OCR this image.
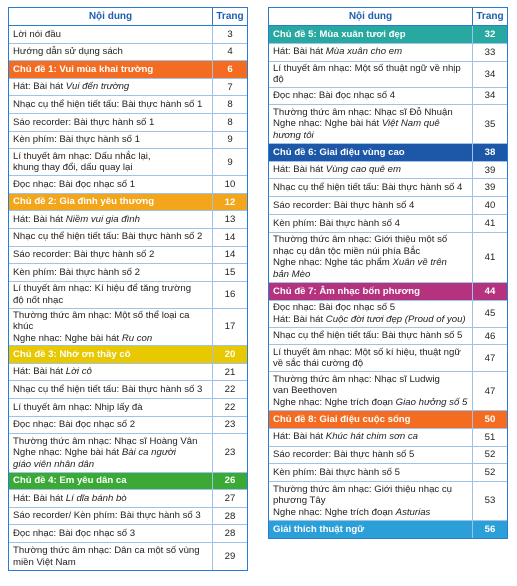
Nội dung	Trang
Lời nói đầu	3
Hướng dẫn sử dụng sách	4
Chủ đề 1: Vui mùa khai trường	6
Hát: Bài hát Vui đến trường	7
Nhạc cụ thể hiện tiết tấu: Bài thực hành số 1	8
Sáo recorder: Bài thực hành số 1	8
Kèn phím: Bài thực hành số 1	9
Lí thuyết âm nhạc: Dấu nhắc lại,
khung thay đổi, dấu quay lại	9
Đọc nhạc: Bài đọc nhạc số 1	10
Chủ đề 2: Gia đình yêu thương	12
Hát: Bài hát Niềm vui gia đình	13
Nhạc cụ thể hiện tiết tấu: Bài thực hành số 2	14
Sáo recorder: Bài thực hành số 2	14
Kèn phím: Bài thực hành số 2	15
Lí thuyết âm nhạc: Kí hiệu để tăng trường
độ nốt nhạc	16
Thường thức âm nhạc: Một số thể loại ca khúc
Nghe nhạc: Nghe bài hát Ru con
17
Chủ đề 3: Nhớ ơn thầy cô	20
Hát: Bài hát Lời cô	21
Nhạc cụ thể hiện tiết tấu: Bài thực hành số 3	22
Lí thuyết âm nhạc: Nhịp lấy đà	22
Đọc nhạc: Bài đọc nhạc số 2	23
Thường thức âm nhạc: Nhạc sĩ Hoàng Vân
Nghe nhạc: Nghe bài hát Bài ca người
giáo viên nhân dân
23
Chủ đề 4: Em yêu dân ca	26
Hát: Bài hát Lí dĩa bánh bò	27
Sáo recorder/ Kèn phím: Bài thực hành số 3	28
Đọc nhạc: Bài đọc nhạc số 3	28
Thường thức âm nhạc: Dân ca một số vùng
miền Việt Nam	29
Nội dung	Trang
Chủ đề 5: Mùa xuân tươi đẹp	32
Hát: Bài hát Mùa xuân cho em	33
Lí thuyết âm nhạc: Một số thuật ngữ về nhịp độ	34
Đọc nhạc: Bài đọc nhạc số 4	34
Thường thức âm nhạc: Nhạc sĩ Đỗ Nhuận
Nghe nhạc: Nghe bài hát Việt Nam quê
hương tôi
35
Chủ đề 6: Giai điệu vùng cao	38
Hát: Bài hát Vùng cao quê em	39
Nhạc cụ thể hiện tiết tấu: Bài thực hành số 4	39
Sáo recorder: Bài thực hành số 4	40
Kèn phím: Bài thực hành số 4	41
Thường thức âm nhạc: Giới thiệu một số
nhạc cụ dân tộc miền núi phía Bắc
Nghe nhạc: Nghe tác phẩm Xuân về trên
bản Mèo
41
Chủ đề 7: Âm nhạc bốn phương	44
Đọc nhạc: Bài đọc nhạc số 5
Hát: Bài hát Cuộc đời tươi đẹp (Proud of you)	45
Nhạc cụ thể hiện tiết tấu: Bài thực hành số 5	46
Lí thuyết âm nhạc: Một số kí hiệu, thuật ngữ
về sắc thái cường độ	47
Thường thức âm nhạc: Nhạc sĩ Ludwig
van Beethoven
Nghe nhạc: Nghe trích đoạn Giao hưởng số 5
47
Chủ đề 8: Giai điệu cuộc sống	50
Hát: Bài hát Khúc hát chim sơn ca	51
Sáo recorder: Bài thực hành số 5	52
Kèn phím: Bài thực hành số 5	52
Thường thức âm nhạc: Giới thiệu nhạc cụ
phương Tây
Nghe nhạc: Nghe trích đoạn Asturias
53
Giải thích thuật ngữ	56
